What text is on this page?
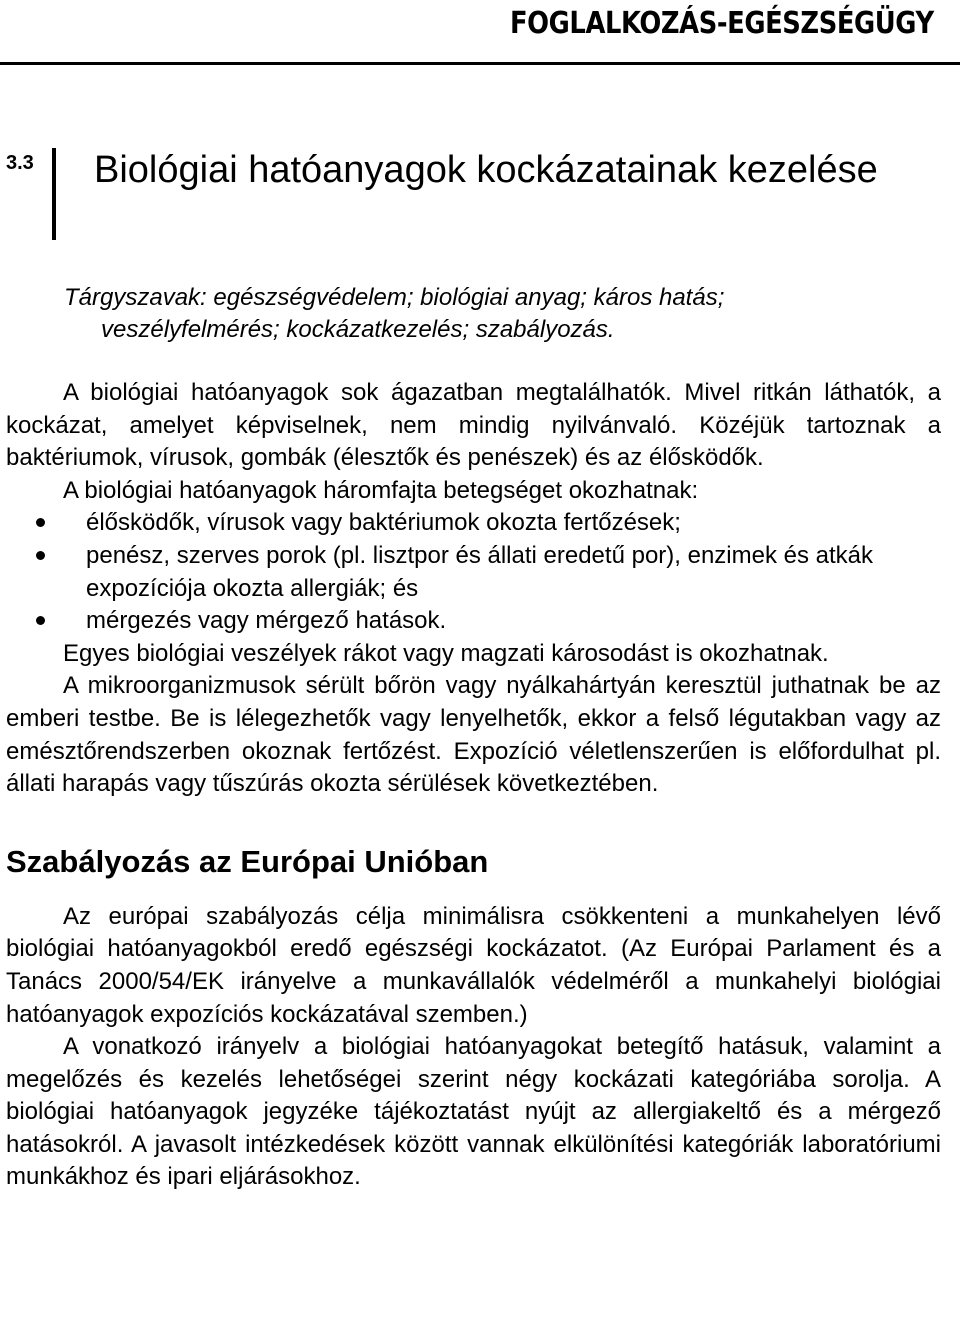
FOGLALKOZÁS-EGÉSZSÉGÜGY
3.3 Biológiai hatóanyagok kockázatainak kezelése

Tárgyszavak: egészségvédelem; biológiai anyag; káros hatás;
veszélyfelmérés; kockázatkezelés; szabályozás.

A biológiai hatóanyagok sok ágazatban megtalálhatók. Mivel ritkán láthatók, a kockázat, amelyet képviselnek, nem mindig nyilvánvaló. Közéjük tartoznak a baktériumok, vírusok, gombák (élesztők és penészek) és az élősködők.

A biológiai hatóanyagok háromfajta betegséget okozhatnak:

élősködők, vírusok vagy baktériumok okozta fertőzések;
penész, szerves porok (pl. lisztpor és állati eredetű por), enzimek és atkák expozíciója okozta allergiák; és
mérgezés vagy mérgező hatások.

Egyes biológiai veszélyek rákot vagy magzati károsodást is okozhatnak.

A mikroorganizmusok sérült bőrön vagy nyálkahártyán keresztül juthatnak be az emberi testbe. Be is lélegezhetők vagy lenyelhetők, ekkor a felső légutakban vagy az emésztőrendszerben okoznak fertőzést. Expozíció véletlenszerűen is előfordulhat pl. állati harapás vagy tűszúrás okozta sérülések következtében.

Szabályozás az Európai Unióban

Az európai szabályozás célja minimálisra csökkenteni a munkahelyen lévő biológiai hatóanyagokból eredő egészségi kockázatot. (Az Európai Parlament és a Tanács 2000/54/EK irányelve a munkavállalók védelméről a munkahelyi biológiai hatóanyagok expozíciós kockázatával szemben.)

A vonatkozó irányelv a biológiai hatóanyagokat betegítő hatásuk, valamint a megelőzés és kezelés lehetőségei szerint négy kockázati kategóriába sorolja. A biológiai hatóanyagok jegyzéke tájékoztatást nyújt az allergiakeltő és a mérgező hatásokról. A javasolt intézkedések között vannak elkülönítési kategóriák laboratóriumi munkákhoz és ipari eljárásokhoz.
